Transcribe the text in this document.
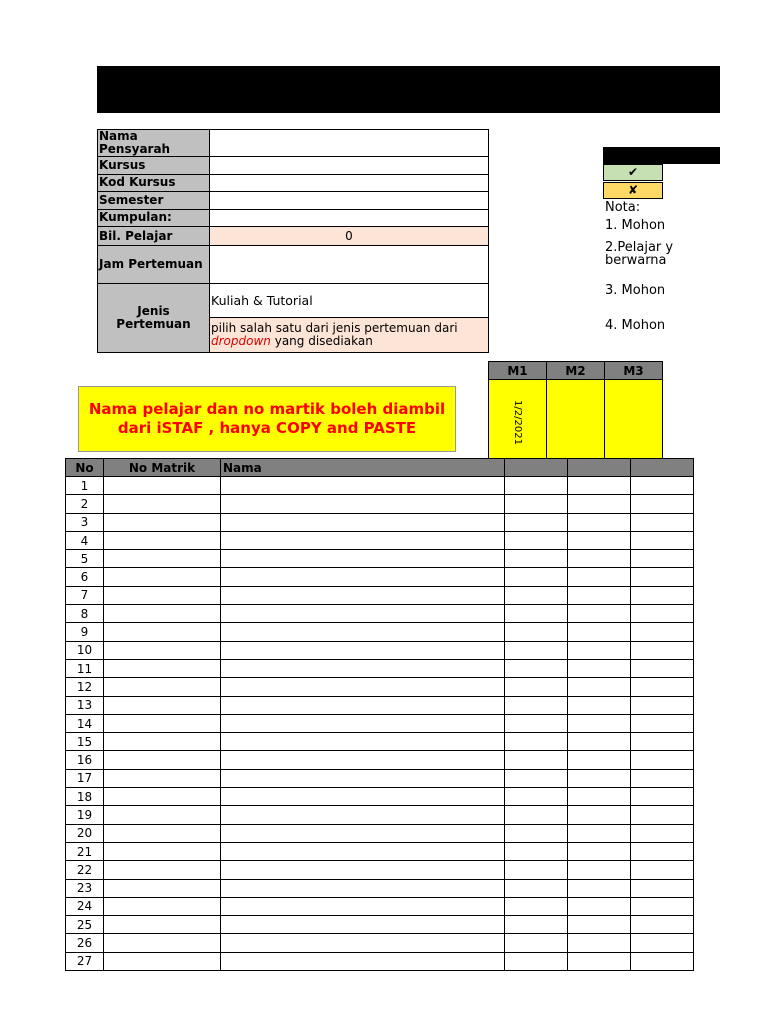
Nama Pensyarah	
Kursus	
Kod Kursus	
Semester	
Kumpulan:	
Bil. Pelajar	0
Jam Pertemuan	
Jenis Pertemuan	Kuliah & Tutorial
	pilih salah satu dari jenis pertemuan dari
dropdown yang disediakan
✔
✘
Nota:
1. Mohon
2.Pelajar y
berwarna
3. Mohon
4. Mohon
Nama pelajar dan no martik boleh diambil dari iSTAF , hanya COPY and PASTE
M1	M2	M3
1/2/2021		
No	No Matrik	Nama			
1					
2					
3					
4					
5					
6					
7					
8					
9					
10					
11					
12					
13					
14					
15					
16					
17					
18					
19					
20					
21					
22					
23					
24					
25					
26					
27					
